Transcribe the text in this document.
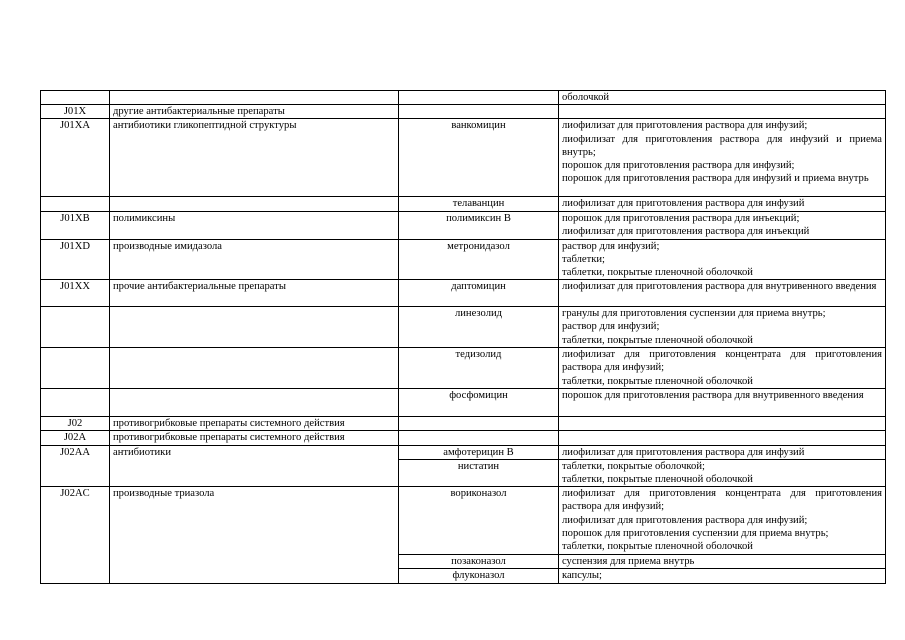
			оболочкой

J01X	другие антибактериальные препараты		
J01XA	антибиотики гликопептидной структуры	ванкомицин	лиофилизат для приготовления раствора для инфузий;
лиофилизат для приготовления раствора для инфузий и приема внутрь;
порошок для приготовления раствора для инфузий;
порошок для приготовления раствора для инфузий и приема внутрь

		телаванцин	лиофилизат для приготовления раствора для инфузий

J01XB	полимиксины	полимиксин В	порошок для приготовления раствора для инъекций;
лиофилизат для приготовления раствора для инъекций

J01XD	производные имидазола	метронидазол	раствор для инфузий;
таблетки;
таблетки, покрытые пленочной оболочкой

J01XX	прочие антибактериальные препараты	даптомицин	лиофилизат для приготовления раствора для внутривенного введения

		линезолид	гранулы для приготовления суспензии для приема внутрь;
раствор для инфузий;
таблетки, покрытые пленочной оболочкой

		тедизолид	лиофилизат для приготовления концентрата для приготовления раствора для инфузий;
таблетки, покрытые пленочной оболочкой

		фосфомицин	порошок для приготовления раствора для внутривенного введения

J02	противогрибковые препараты системного действия		
J02A	противогрибковые препараты системного действия		
J02AA	антибиотики	амфотерицин В	лиофилизат для приготовления раствора для инфузий

		нистатин	таблетки, покрытые оболочкой;
таблетки, покрытые пленочной оболочкой

J02AC	производные триазола	вориконазол	лиофилизат для приготовления концентрата для приготовления раствора для инфузий;
лиофилизат для приготовления раствора для инфузий;
порошок для приготовления суспензии для приема внутрь;
таблетки, покрытые пленочной оболочкой

		позаконазол	суспензия для приема внутрь

		флуконазол	капсулы;
